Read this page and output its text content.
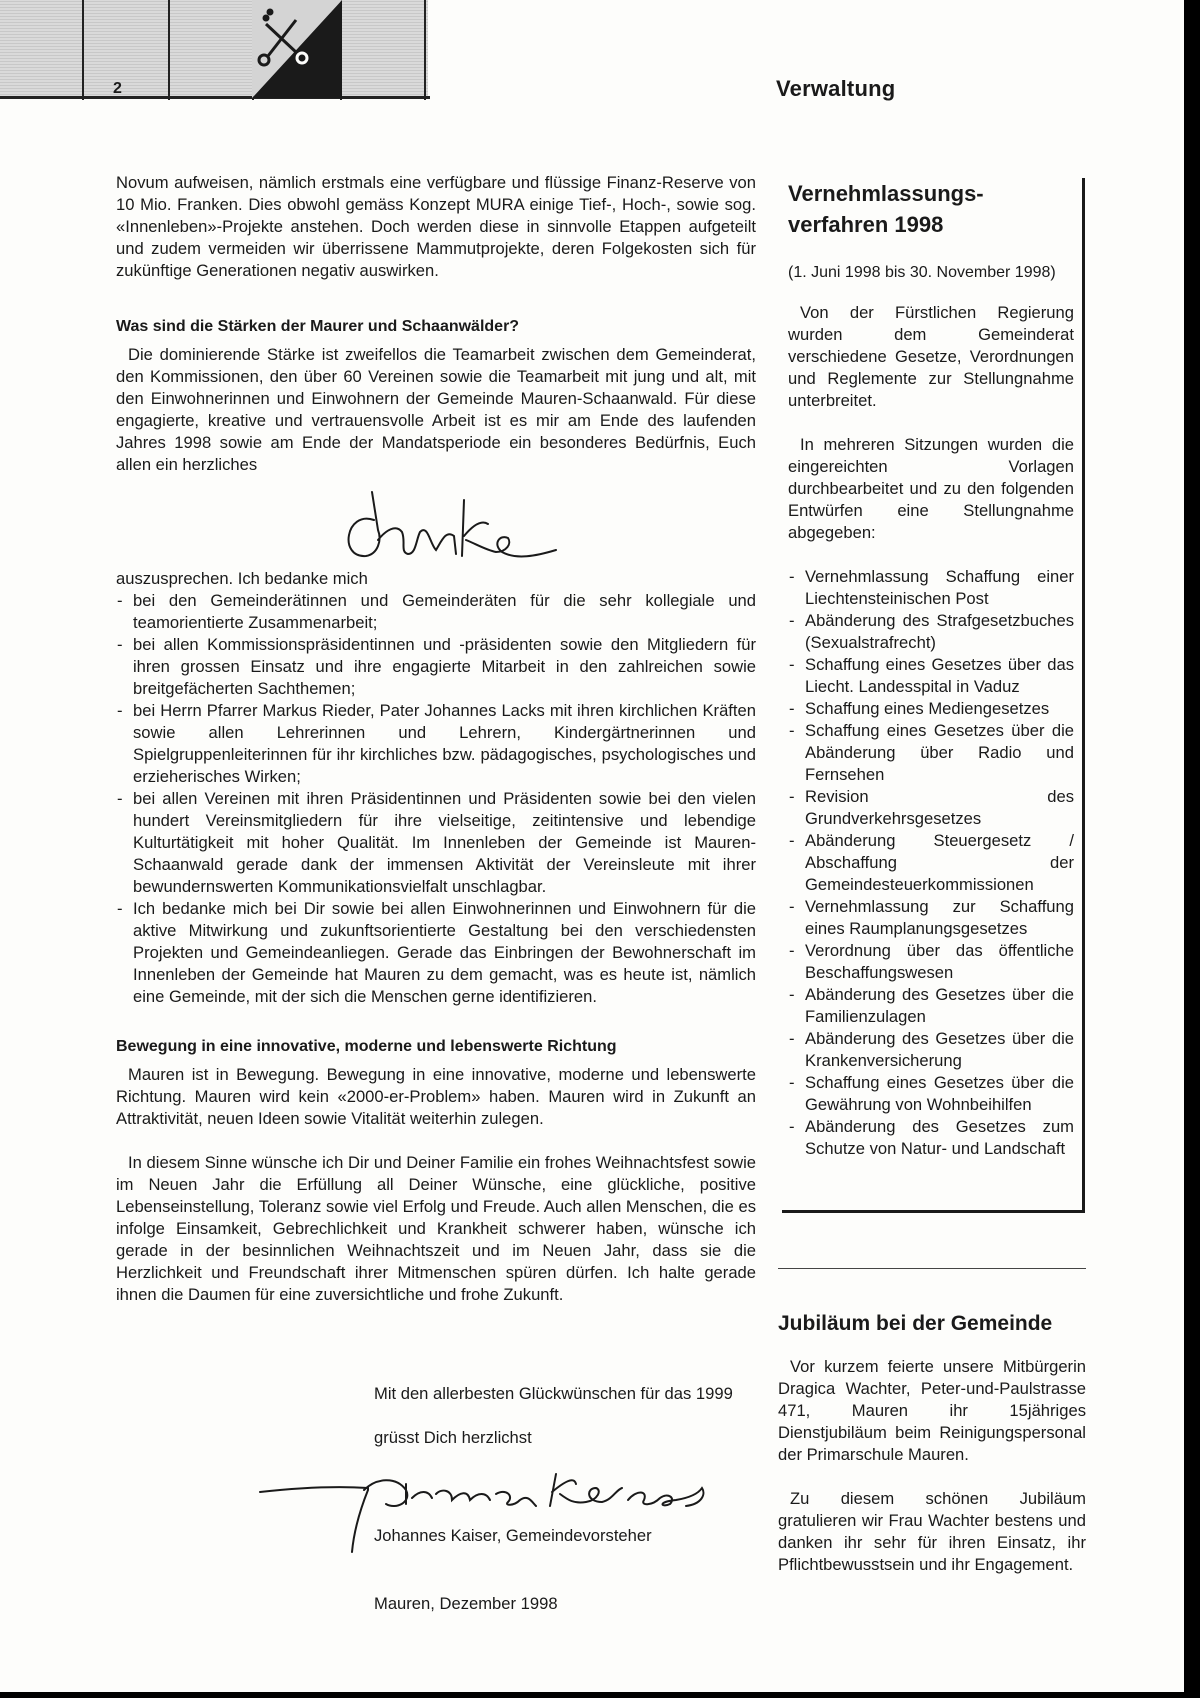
2	Verwaltung

Novum aufweisen, nämlich erstmals eine verfügbare und flüssige Finanz-Reserve von 10 Mio. Franken. Dies obwohl gemäss Konzept MURA einige Tief-, Hoch-, sowie sog. «Innenleben»-Projekte anstehen. Doch werden diese in sinnvolle Etappen aufgeteilt und zudem vermeiden wir überrissene Mammutprojekte, deren Folgekosten sich für zukünftige Generationen negativ auswirken.

Was sind die Stärken der Maurer und Schaanwälder?

Die dominierende Stärke ist zweifellos die Teamarbeit zwischen dem Gemeinderat, den Kommissionen, den über 60 Vereinen sowie die Teamarbeit mit jung und alt, mit den Einwohnerinnen und Einwohnern der Gemeinde Mauren-Schaanwald. Für diese engagierte, kreative und vertrauensvolle Arbeit ist es mir am Ende des laufenden Jahres 1998 sowie am Ende der Mandatsperiode ein besonderes Bedürfnis, Euch allen ein herzliches

auszusprechen. Ich bedanke mich

- bei den Gemeinderätinnen und Gemeinderäten für die sehr kollegiale und teamorientierte Zusammenarbeit;
- bei allen Kommissionspräsidentinnen und -präsidenten sowie den Mitgliedern für ihren grossen Einsatz und ihre engagierte Mitarbeit in den zahlreichen sowie breitgefächerten Sachthemen;
- bei Herrn Pfarrer Markus Rieder, Pater Johannes Lacks mit ihren kirchlichen Kräften sowie allen Lehrerinnen und Lehrern, Kindergärtnerinnen und Spielgruppenleiterinnen für ihr kirchliches bzw. pädagogisches, psychologisches und erzieherisches Wirken;
- bei allen Vereinen mit ihren Präsidentinnen und Präsidenten sowie bei den vielen hundert Vereinsmitgliedern für ihre vielseitige, zeitintensive und lebendige Kulturtätigkeit mit hoher Qualität. Im Innenleben der Gemeinde ist Mauren-Schaanwald gerade dank der immensen Aktivität der Vereinsleute mit ihrer bewundernswerten Kommunikationsvielfalt unschlagbar.
- Ich bedanke mich bei Dir sowie bei allen Einwohnerinnen und Einwohnern für die aktive Mitwirkung und zukunftsorientierte Gestaltung bei den verschiedensten Projekten und Gemeindeanliegen. Gerade das Einbringen der Bewohnerschaft im Innenleben der Gemeinde hat Mauren zu dem gemacht, was es heute ist, nämlich eine Gemeinde, mit der sich die Menschen gerne identifizieren.
Bewegung in eine innovative, moderne und lebenswerte Richtung

Mauren ist in Bewegung. Bewegung in eine innovative, moderne und lebenswerte Richtung. Mauren wird kein «2000-er-Problem» haben. Mauren wird in Zukunft an Attraktivität, neuen Ideen sowie Vitalität weiterhin zulegen.

In diesem Sinne wünsche ich Dir und Deiner Familie ein frohes Weihnachtsfest sowie im Neuen Jahr die Erfüllung all Deiner Wünsche, eine glückliche, positive Lebenseinstellung, Toleranz sowie viel Erfolg und Freude. Auch allen Menschen, die es infolge Einsamkeit, Gebrechlichkeit und Krankheit schwerer haben, wünsche ich gerade in der besinnlichen Weihnachtszeit und im Neuen Jahr, dass sie die Herzlichkeit und Freundschaft ihrer Mitmenschen spüren dürfen. Ich halte gerade ihnen die Daumen für eine zuversichtliche und frohe Zukunft.

Mit den allerbesten Glückwünschen für das 1999

grüsst Dich herzlichst

Johannes Kaiser, Gemeindevorsteher

Mauren, Dezember 1998

Vernehmlassungs-
verfahren 1998

(1. Juni 1998 bis 30. November 1998)

Von der Fürstlichen Regierung wurden dem Gemeinderat verschiedene Gesetze, Verordnungen und Reglemente zur Stellungnahme unterbreitet.

In mehreren Sitzungen wurden die eingereichten Vorlagen durchbearbeitet und zu den folgenden Entwürfen eine Stellungnahme abgegeben:

- Vernehmlassung Schaffung einer Liechtensteinischen Post
- Abänderung des Strafgesetzbuches (Sexualstrafrecht)
- Schaffung eines Gesetzes über das Liecht. Landesspital in Vaduz
- Schaffung eines Mediengesetzes
- Schaffung eines Gesetzes über die Abänderung über Radio und Fernsehen
- Revision des Grundverkehrsgesetzes
- Abänderung Steuergesetz / Abschaffung der Gemeindesteuerkommissionen
- Vernehmlassung zur Schaffung eines Raumplanungsgesetzes
- Verordnung über das öffentliche Beschaffungswesen
- Abänderung des Gesetzes über die Familienzulagen
- Abänderung des Gesetzes über die Krankenversicherung
- Schaffung eines Gesetzes über die Gewährung von Wohnbeihilfen
- Abänderung des Gesetzes zum Schutze von Natur- und Landschaft
Jubiläum bei der Gemeinde

Vor kurzem feierte unsere Mitbürgerin Dragica Wachter, Peter-und-Paulstrasse 471, Mauren ihr 15jähriges Dienstjubiläum beim Reinigungspersonal der Primarschule Mauren.

Zu diesem schönen Jubiläum gratulieren wir Frau Wachter bestens und danken ihr sehr für ihren Einsatz, ihr Pflichtbewusstsein und ihr Engagement.
